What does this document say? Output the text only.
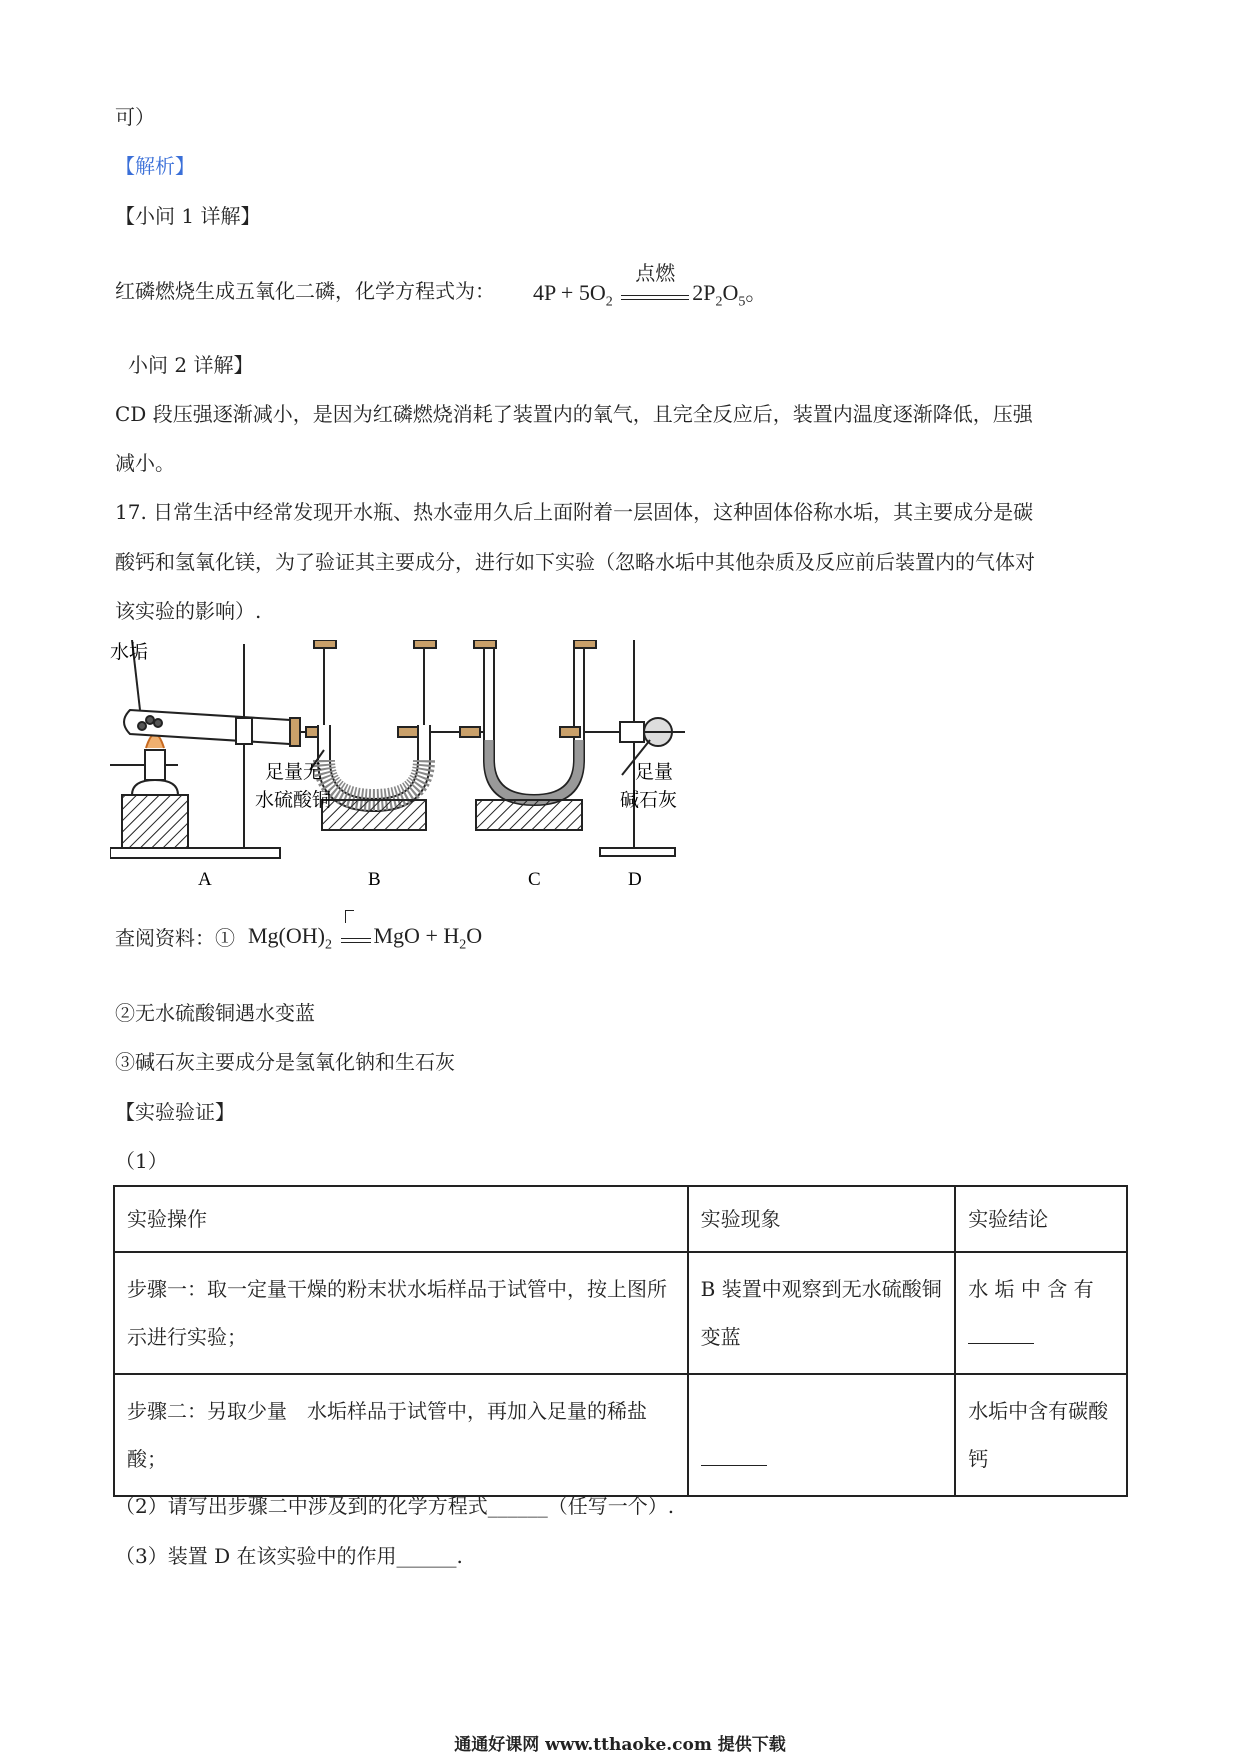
可）
【解析】
【小问 1 详解】
红磷燃烧生成五氧化二磷，化学方程式为： $4P + 5O_2$
点燃
$2P_2O_5$。
小问 2 详解】
CD 段压强逐渐减小，是因为红磷燃烧消耗了装置内的氧气，且完全反应后，装置内温度逐渐降低，压强
减小。
17. 日常生活中经常发现开水瓶、热水壶用久后上面附着一层固体，这种固体俗称水垢，其主要成分是碳
酸钙和氢氧化镁，为了验证其主要成分，进行如下实验（忽略水垢中其他杂质及反应前后装置内的气体对
该实验的影响）.
水垢
足量无
水硫酸铜
足量
碱石灰
A	B	C	D
查阅资料：① $Mg(OH)_2$ MgO + $H_2O$
②无水硫酸铜遇水变蓝
③碱石灰主要成分是氢氧化钠和生石灰
【实验验证】
（1）
实验操作	实验现象	实验结论
步骤一：取一定量干燥的粉末状水垢样品于试管中，按上图所示进行实验；	B 装置中观察到无水硫酸铜变蓝	水 垢 中 含 有

步骤二：另取少量　水垢样品于试管中，再加入足量的稀盐酸；		水垢中含有碳酸钙
（2）请写出步骤二中涉及到的化学方程式______（任写一个）.
（3）装置 D 在该实验中的作用______.
通通好课网 www.tthaoke.com 提供下载
